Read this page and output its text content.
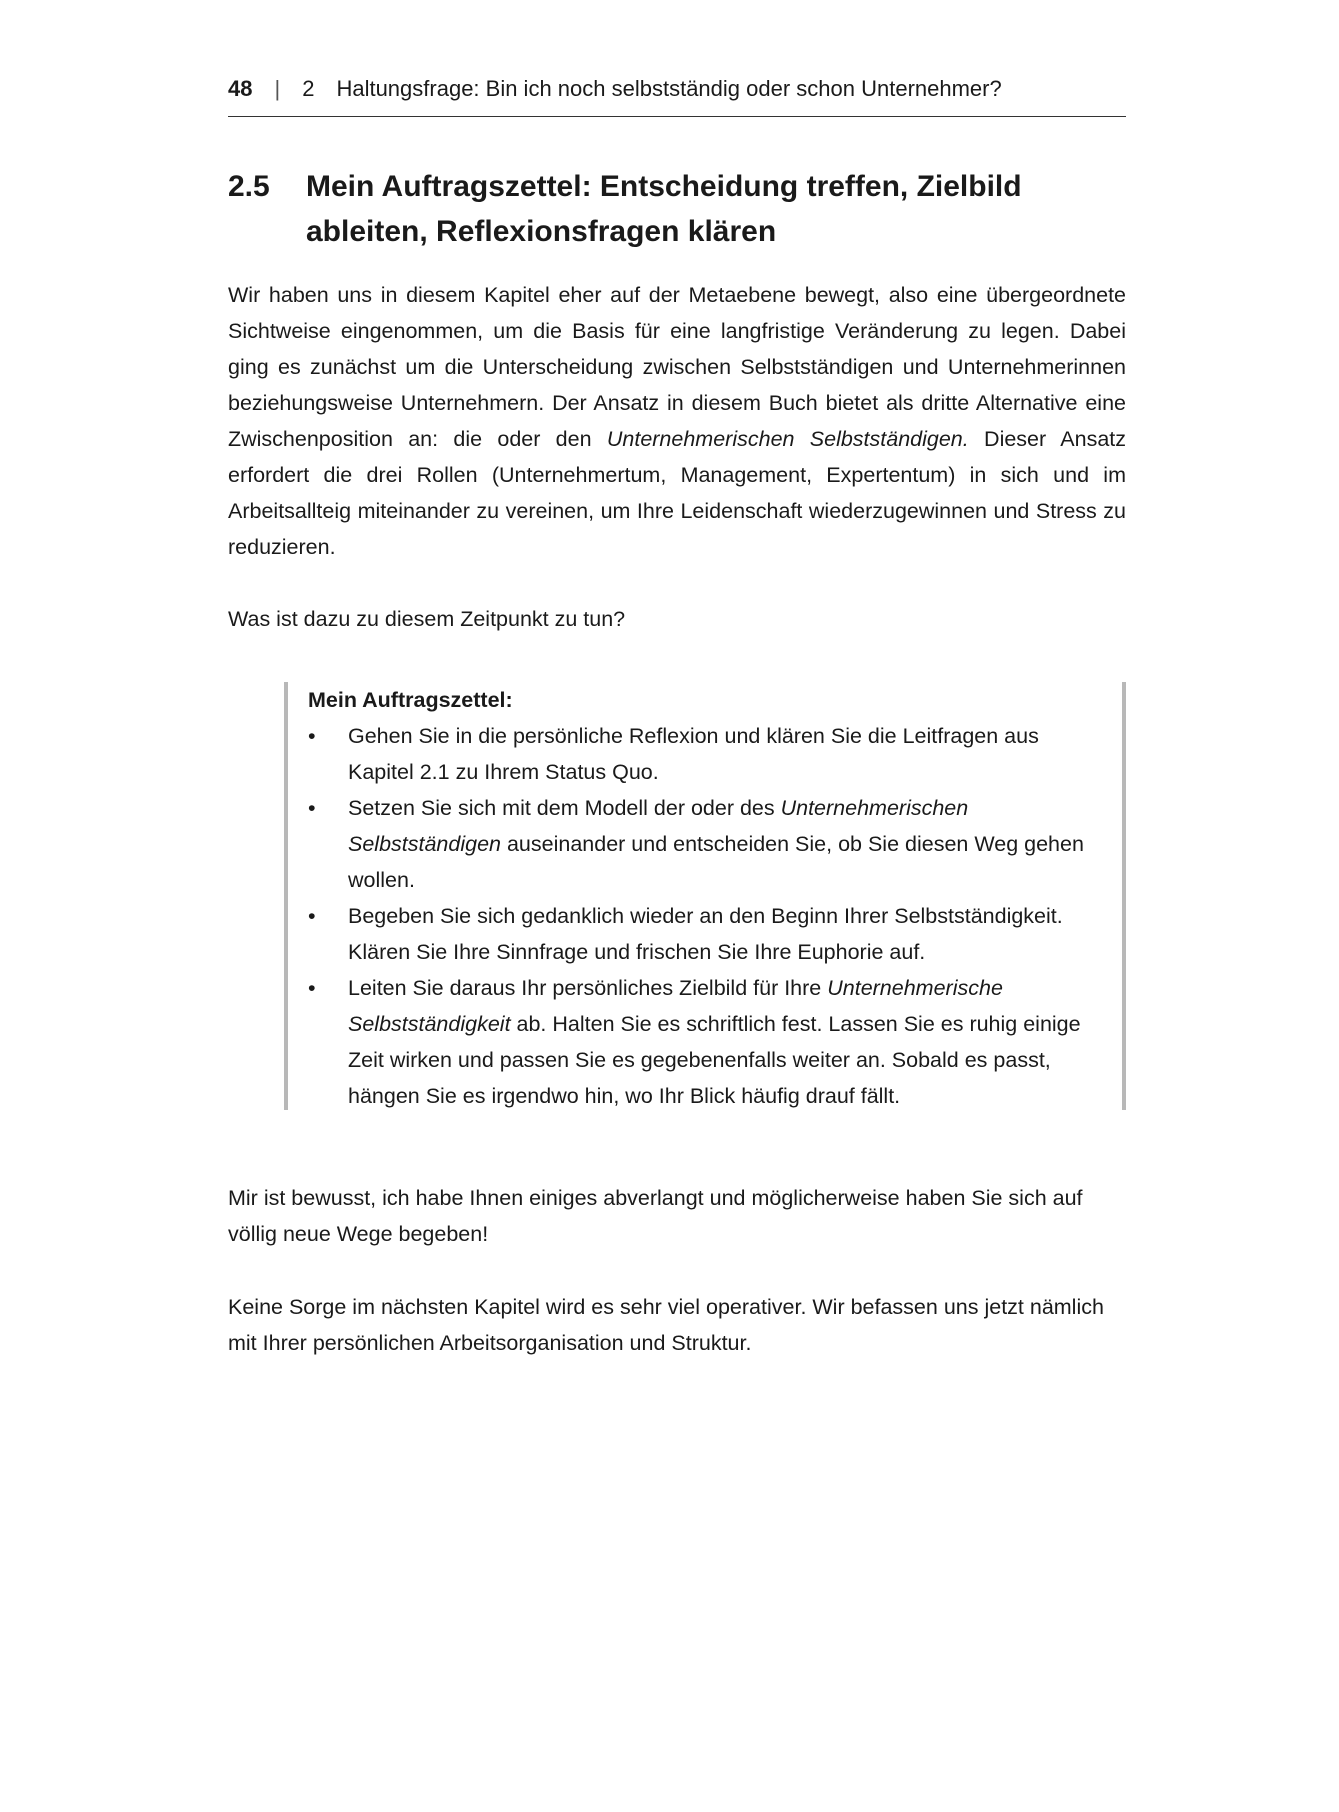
48 | 2 Haltungsfrage: Bin ich noch selbstständig oder schon Unternehmer?
2.5	Mein Auftragszettel: Entscheidung treffen, Zielbild ableiten, Reflexionsfragen klären

Wir haben uns in diesem Kapitel eher auf der Metaebene bewegt, also eine übergeordnete Sichtweise eingenommen, um die Basis für eine langfristige Veränderung zu legen. Dabei ging es zunächst um die Unterscheidung zwischen Selbstständigen und Unternehmerinnen beziehungsweise Unternehmern. Der Ansatz in diesem Buch bietet als dritte Alternative eine Zwischenposition an: die oder den Unternehmerischen Selbstständigen. Dieser Ansatz erfordert die drei Rollen (Unternehmertum, Management, Expertentum) in sich und im Arbeitsallteig miteinander zu vereinen, um Ihre Leidenschaft wiederzugewinnen und Stress zu reduzieren.

Was ist dazu zu diesem Zeitpunkt zu tun?

Mein Auftragszettel:

•	Gehen Sie in die persönliche Reflexion und klären Sie die Leitfragen aus Kapitel 2.1 zu Ihrem Status Quo.
•	Setzen Sie sich mit dem Modell der oder des Unternehmerischen Selbstständigen auseinander und entscheiden Sie, ob Sie diesen Weg gehen wollen.
•	Begeben Sie sich gedanklich wieder an den Beginn Ihrer Selbstständigkeit. Klären Sie Ihre Sinnfrage und frischen Sie Ihre Euphorie auf.
•	Leiten Sie daraus Ihr persönliches Zielbild für Ihre Unternehmerische Selbstständigkeit ab. Halten Sie es schriftlich fest. Lassen Sie es ruhig einige Zeit wirken und passen Sie es gegebenenfalls weiter an. Sobald es passt, hängen Sie es irgendwo hin, wo Ihr Blick häufig drauf fällt.

Mir ist bewusst, ich habe Ihnen einiges abverlangt und möglicherweise haben Sie sich auf völlig neue Wege begeben!

Keine Sorge im nächsten Kapitel wird es sehr viel operativer. Wir befassen uns jetzt nämlich mit Ihrer persönlichen Arbeitsorganisation und Struktur.
